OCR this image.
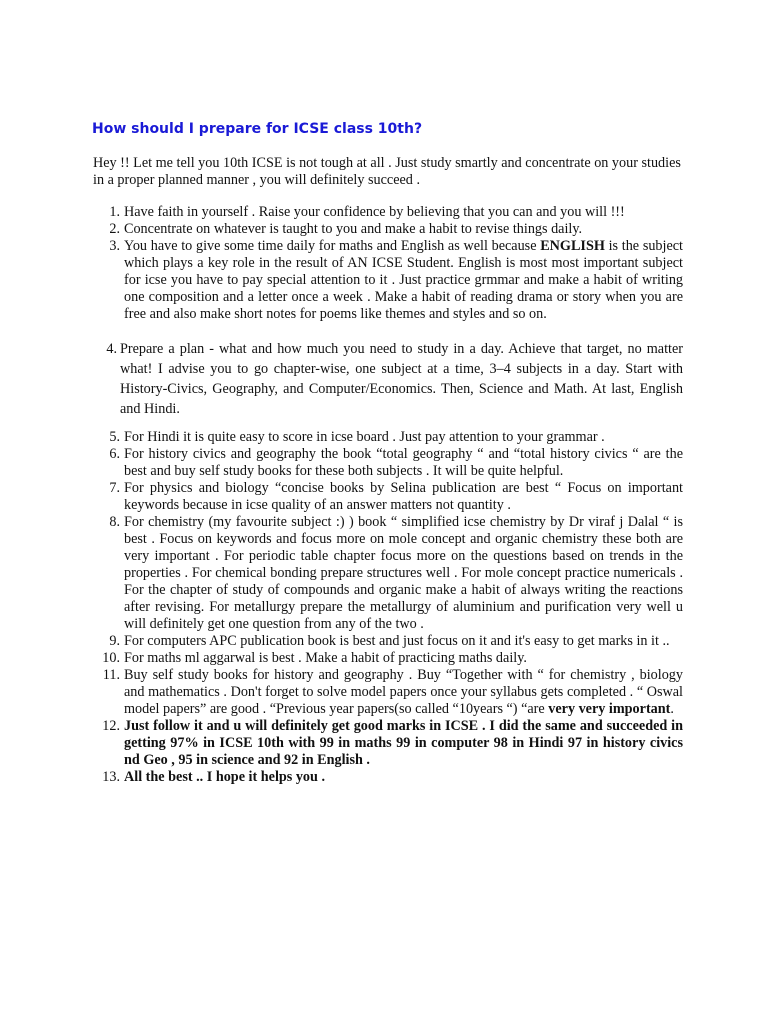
How should I prepare for ICSE class 10th?

Hey !! Let me tell you 10th ICSE is not tough at all . Just study smartly and concentrate on your studies in a proper planned manner , you will definitely succeed .

1. Have faith in yourself . Raise your confidence by believing that you can and you will !!!
2. Concentrate on whatever is taught to you and make a habit to revise things daily.
3. You have to give some time daily for maths and English as well because ENGLISH is the subject which plays a key role in the result of AN ICSE Student. English is most most important subject for icse you have to pay special attention to it . Just practice grmmar and make a habit of writing one composition and a letter once a week . Make a habit of reading drama or story when you are free and also make short notes for poems like themes and styles and so on.
4. Prepare a plan - what and how much you need to study in a day. Achieve that target, no matter what! I advise you to go chapter-wise, one subject at a time, 3–4 subjects in a day. Start with History-Civics, Geography, and Computer/Economics. Then, Science and Math. At last, English and Hindi.
5. For Hindi it is quite easy to score in icse board . Just pay attention to your grammar .
6. For history civics and geography the book “total geography “ and “total history civics “ are the best and buy self study books for these both subjects . It will be quite helpful.
7. For physics and biology “concise books by Selina publication are best “ Focus on important keywords because in icse quality of an answer matters not quantity .
8. For chemistry (my favourite subject :) ) book “ simplified icse chemistry by Dr viraf j Dalal “ is best . Focus on keywords and focus more on mole concept and organic chemistry these both are very important . For periodic table chapter focus more on the questions based on trends in the properties . For chemical bonding prepare structures well . For mole concept practice numericals . For the chapter of study of compounds and organic make a habit of always writing the reactions after revising. For metallurgy prepare the metallurgy of aluminium and purification very well u will definitely get one question from any of the two .
9. For computers APC publication book is best and just focus on it and it's easy to get marks in it ..
10. For maths ml aggarwal is best . Make a habit of practicing maths daily.
11. Buy self study books for history and geography . Buy “Together with “ for chemistry , biology and mathematics . Don't forget to solve model papers once your syllabus gets completed . “ Oswal model papers” are good . “Previous year papers(so called “10years “) “are very very important.
12. Just follow it and u will definitely get good marks in ICSE . I did the same and succeeded in getting 97% in ICSE 10th with 99 in maths 99 in computer 98 in Hindi 97 in history civics nd Geo , 95 in science and 92 in English .
13. All the best .. I hope it helps you .
